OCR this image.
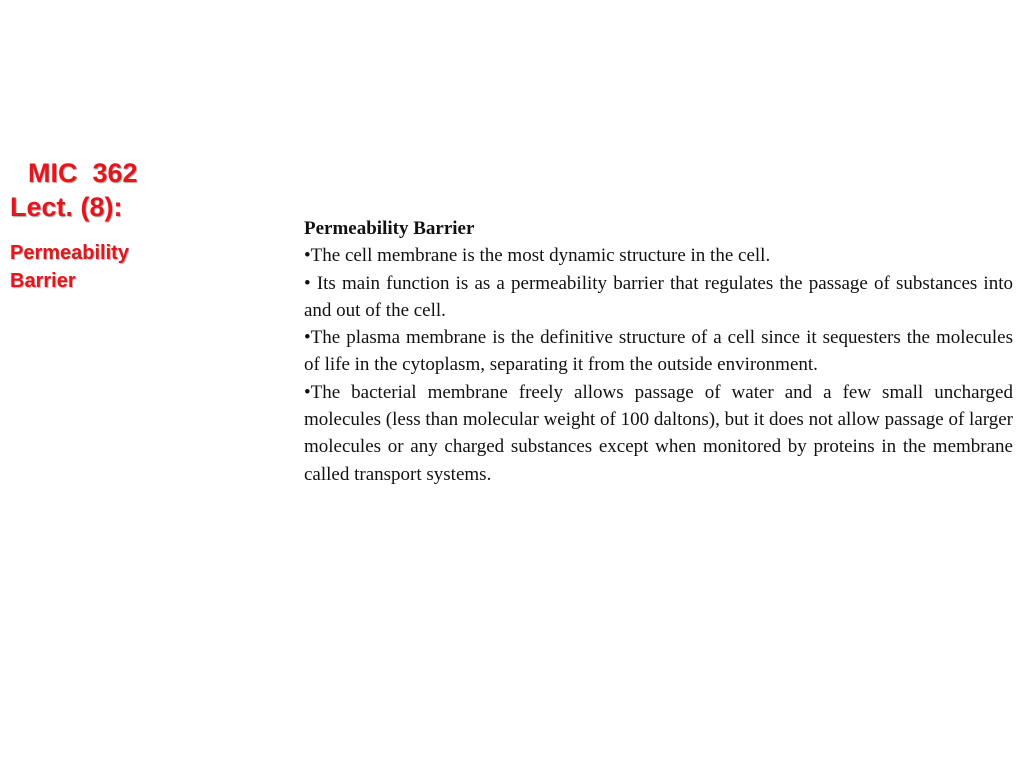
MIC  362
Lect. (8):
Permeability
Barrier
Permeability Barrier

•The cell membrane is the most dynamic structure in the cell.

• Its main function is as a permeability barrier that regulates the passage of substances into and out of the cell.

•The plasma membrane is the definitive structure of a cell since it sequesters the molecules of life in the cytoplasm, separating it from the outside environment.

•The bacterial membrane freely allows passage of water and a few small uncharged molecules (less than molecular weight of 100 daltons), but it does not allow passage of larger molecules or any charged substances except when monitored by proteins in the membrane called transport systems.
